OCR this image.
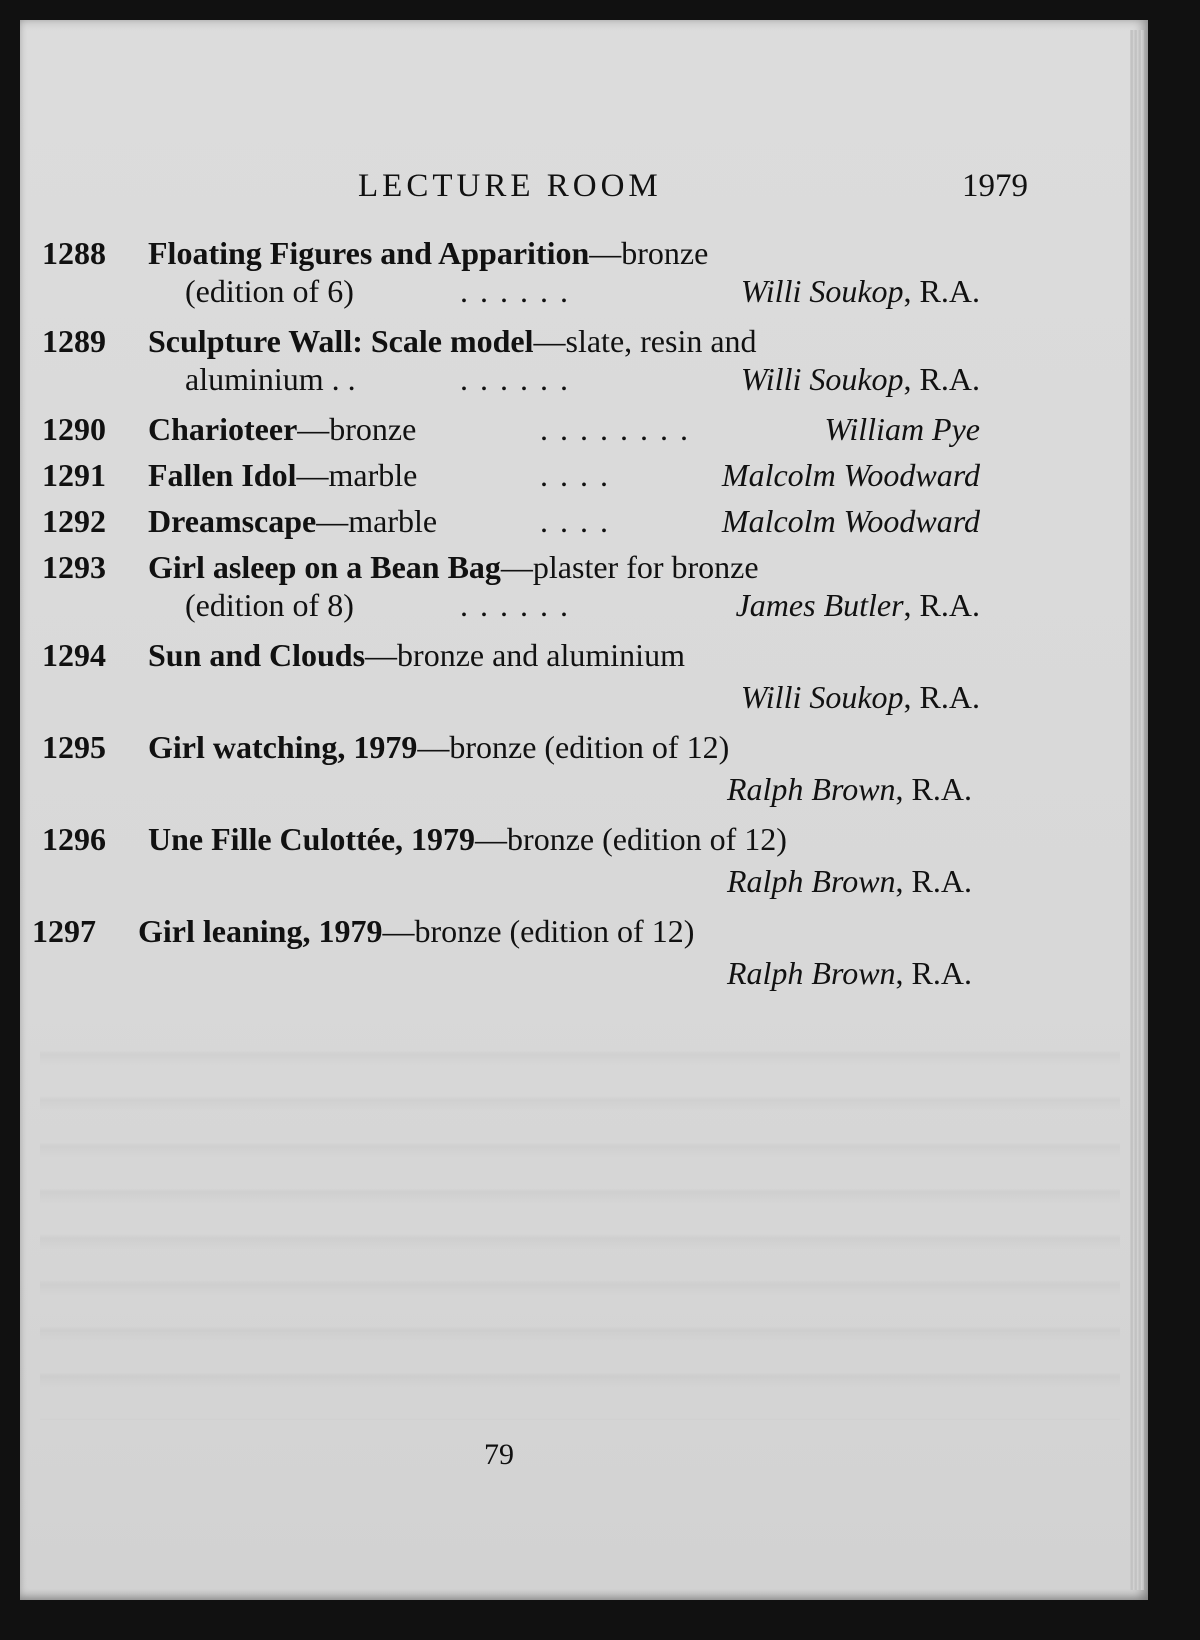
LECTURE ROOM	1979
1288 Floating Figures and Apparition—bronze
(edition of 6)	. . . . . .	Willi Soukop, R.A.
1289 Sculpture Wall: Scale model—slate, resin and
aluminium . .	. . . . . .	Willi Soukop, R.A.
1290 Charioteer—bronze	. . . . . . . .	William Pye
1291 Fallen Idol—marble	. . . .	Malcolm Woodward
1292 Dreamscape—marble	. . . .	Malcolm Woodward
1293 Girl asleep on a Bean Bag—plaster for bronze
(edition of 8)	. . . . . .	James Butler, R.A.
1294 Sun and Clouds—bronze and aluminium
Willi Soukop, R.A.
1295 Girl watching, 1979—bronze (edition of 12)
Ralph Brown, R.A.
1296 Une Fille Culottée, 1979—bronze (edition of 12)
Ralph Brown, R.A.
1297 Girl leaning, 1979—bronze (edition of 12)
Ralph Brown, R.A.
79
